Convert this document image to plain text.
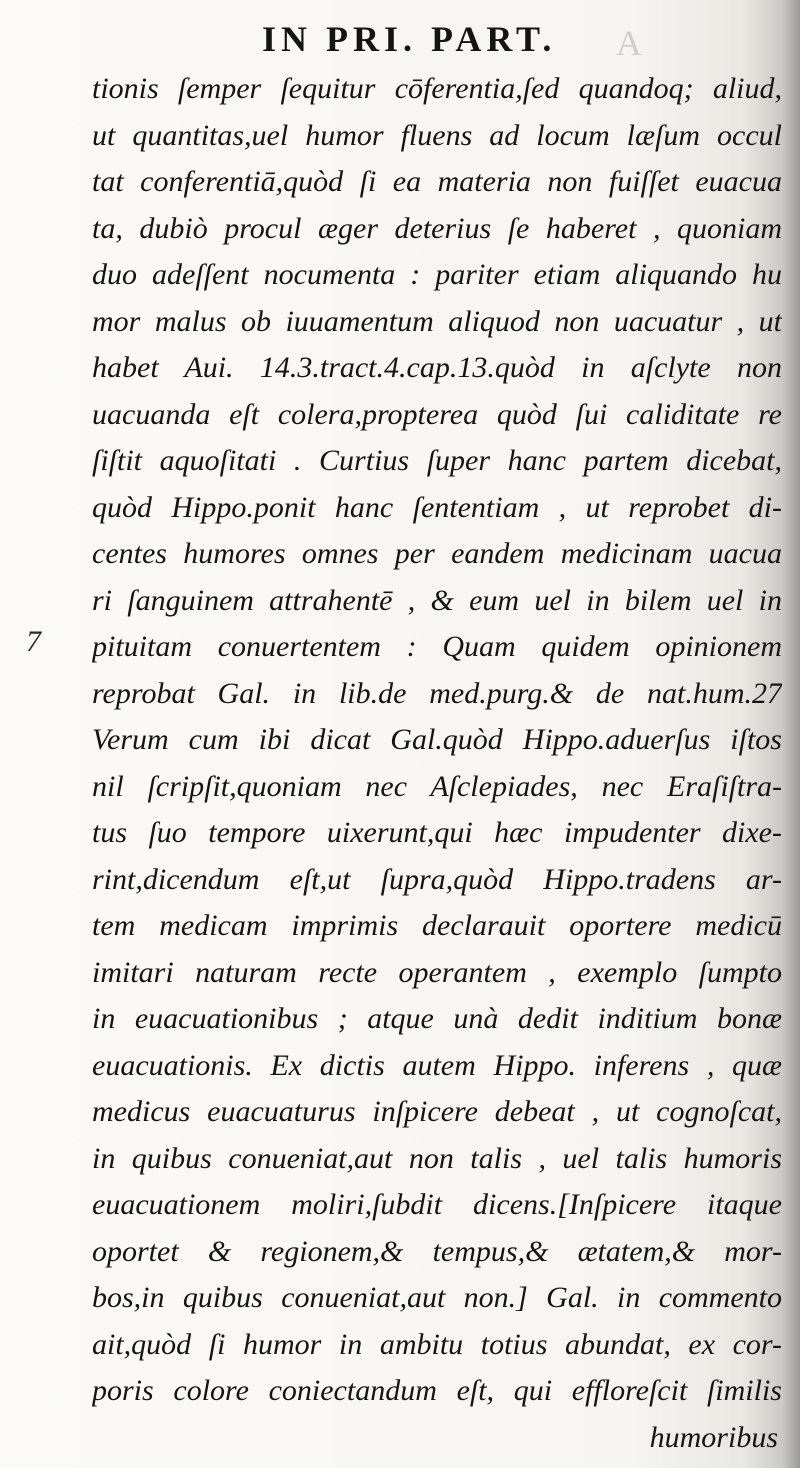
IN PRI. PART. A
7
tionis ſemper ſequitur cōferentia,ſed quandoq; aliud,
ut quantitas,uel humor fluens ad locum læſum occul
tat conferentiā,quòd ſi ea materia non fuiſſet euacua
ta, dubiò procul æger deterius ſe haberet , quoniam
duo adeſſent nocumenta : pariter etiam aliquando hu
mor malus ob iuuamentum aliquod non uacuatur , ut
habet Aui. 14.3.tract.4.cap.13.quòd in aſclyte non
uacuanda eſt colera,propterea quòd ſui caliditate re
ſiſtit aquoſitati . Curtius ſuper hanc partem dicebat,
quòd Hippo.ponit hanc ſententiam , ut reprobet di-
centes humores omnes per eandem medicinam uacua
ri ſanguinem attrahentē , & eum uel in bilem uel in
pituitam conuertentem : Quam quidem opinionem
reprobat Gal. in lib.de med.purg.& de nat.hum.27
Verum cum ibi dicat Gal.quòd Hippo.aduerſus iſtos
nil ſcripſit,quoniam nec Aſclepiades, nec Eraſiſtra-
tus ſuo tempore uixerunt,qui hæc impudenter dixe-
rint,dicendum eſt,ut ſupra,quòd Hippo.tradens ar-
tem medicam imprimis declarauit oportere medicū
imitari naturam recte operantem , exemplo ſumpto
in euacuationibus ; atque unà dedit inditium bonæ
euacuationis. Ex dictis autem Hippo. inferens , quæ
medicus euacuaturus inſpicere debeat , ut cognoſcat,
in quibus conueniat,aut non talis , uel talis humoris
euacuationem moliri,ſubdit dicens.[Inſpicere itaque
oportet & regionem,& tempus,& ætatem,& mor-
bos,in quibus conueniat,aut non.] Gal. in commento
ait,quòd ſi humor in ambitu totius abundat, ex cor-
poris colore coniectandum eſt, qui effloreſcit ſimilis
humoribus
